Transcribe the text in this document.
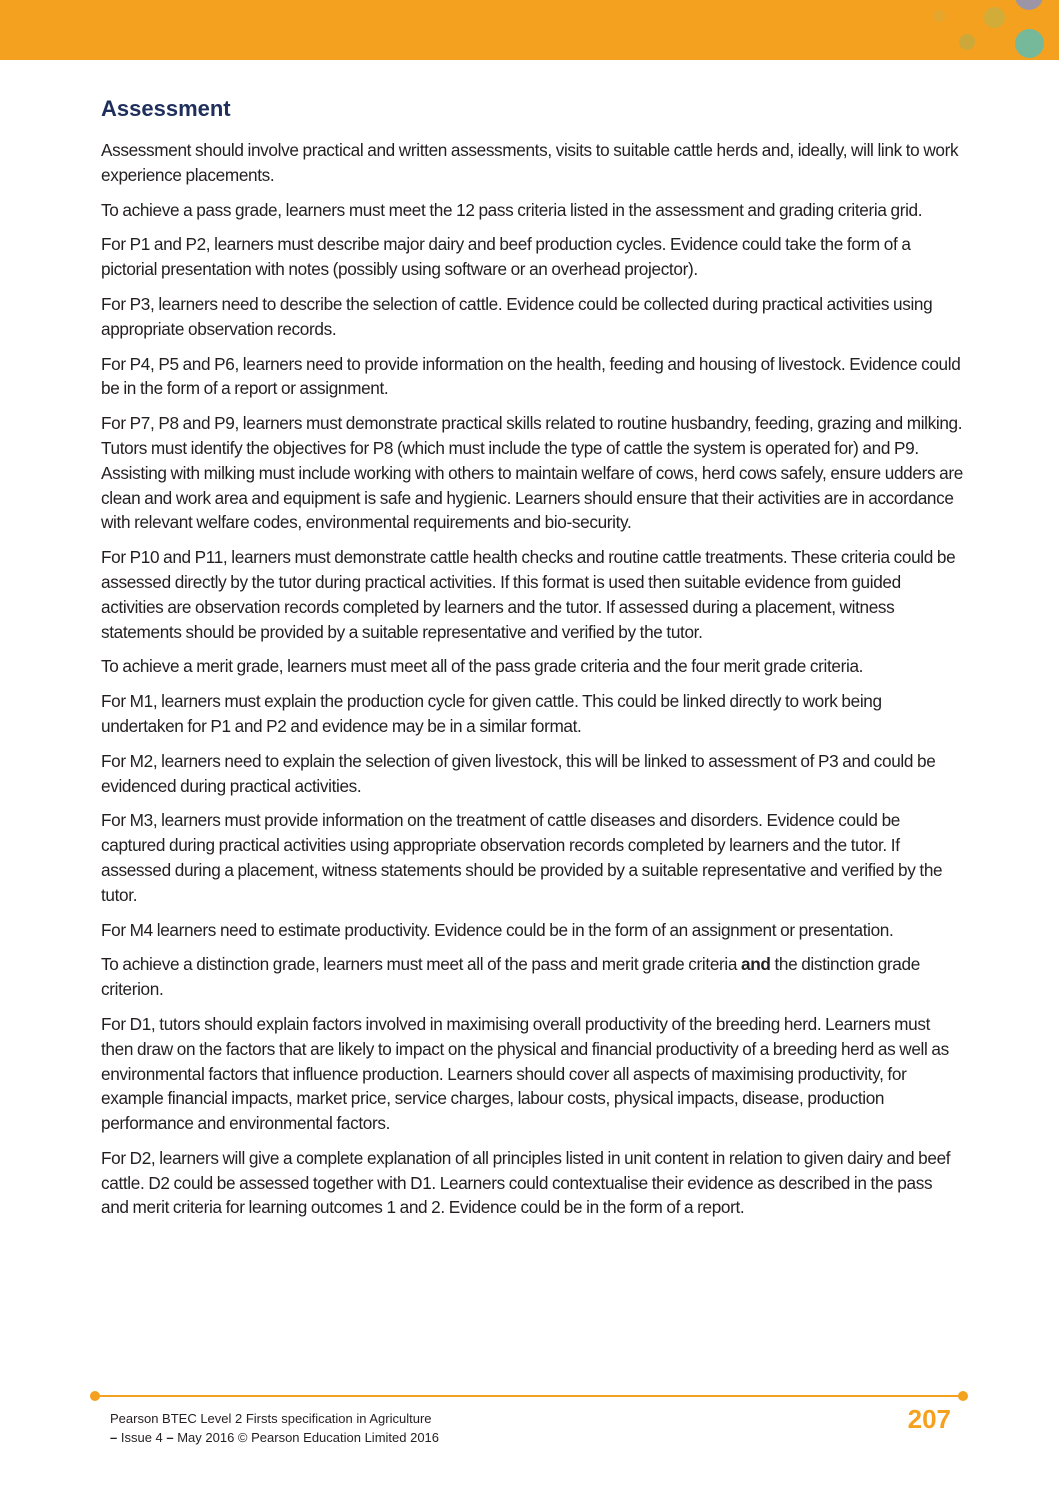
Assessment

Assessment should involve practical and written assessments, visits to suitable cattle herds and, ideally, will link to work experience placements.

To achieve a pass grade, learners must meet the 12 pass criteria listed in the assessment and grading criteria grid.

For P1 and P2, learners must describe major dairy and beef production cycles. Evidence could take the form of a pictorial presentation with notes (possibly using software or an overhead projector).

For P3, learners need to describe the selection of cattle. Evidence could be collected during practical activities using appropriate observation records.

For P4, P5 and P6, learners need to provide information on the health, feeding and housing of livestock. Evidence could be in the form of a report or assignment.

For P7, P8 and P9, learners must demonstrate practical skills related to routine husbandry, feeding, grazing and milking. Tutors must identify the objectives for P8 (which must include the type of cattle the system is operated for) and P9. Assisting with milking must include working with others to maintain welfare of cows, herd cows safely, ensure udders are clean and work area and equipment is safe and hygienic. Learners should ensure that their activities are in accordance with relevant welfare codes, environmental requirements and bio-security.

For P10 and P11, learners must demonstrate cattle health checks and routine cattle treatments. These criteria could be assessed directly by the tutor during practical activities. If this format is used then suitable evidence from guided activities are observation records completed by learners and the tutor. If assessed during a placement, witness statements should be provided by a suitable representative and verified by the tutor.

To achieve a merit grade, learners must meet all of the pass grade criteria and the four merit grade criteria.

For M1, learners must explain the production cycle for given cattle. This could be linked directly to work being undertaken for P1 and P2 and evidence may be in a similar format.

For M2, learners need to explain the selection of given livestock, this will be linked to assessment of P3 and could be evidenced during practical activities.

For M3, learners must provide information on the treatment of cattle diseases and disorders. Evidence could be captured during practical activities using appropriate observation records completed by learners and the tutor. If assessed during a placement, witness statements should be provided by a suitable representative and verified by the tutor.

For M4 learners need to estimate productivity. Evidence could be in the form of an assignment or presentation.

To achieve a distinction grade, learners must meet all of the pass and merit grade criteria and the distinction grade criterion.

For D1, tutors should explain factors involved in maximising overall productivity of the breeding herd. Learners must then draw on the factors that are likely to impact on the physical and financial productivity of a breeding herd as well as environmental factors that influence production. Learners should cover all aspects of maximising productivity, for example financial impacts, market price, service charges, labour costs, physical impacts, disease, production performance and environmental factors.

For D2, learners will give a complete explanation of all principles listed in unit content in relation to given dairy and beef cattle. D2 could be assessed together with D1. Learners could contextualise their evidence as described in the pass and merit criteria for learning outcomes 1 and 2. Evidence could be in the form of a report.

Pearson BTEC Level 2 Firsts specification in Agriculture
– Issue 4 – May 2016 © Pearson Education Limited 2016
207
